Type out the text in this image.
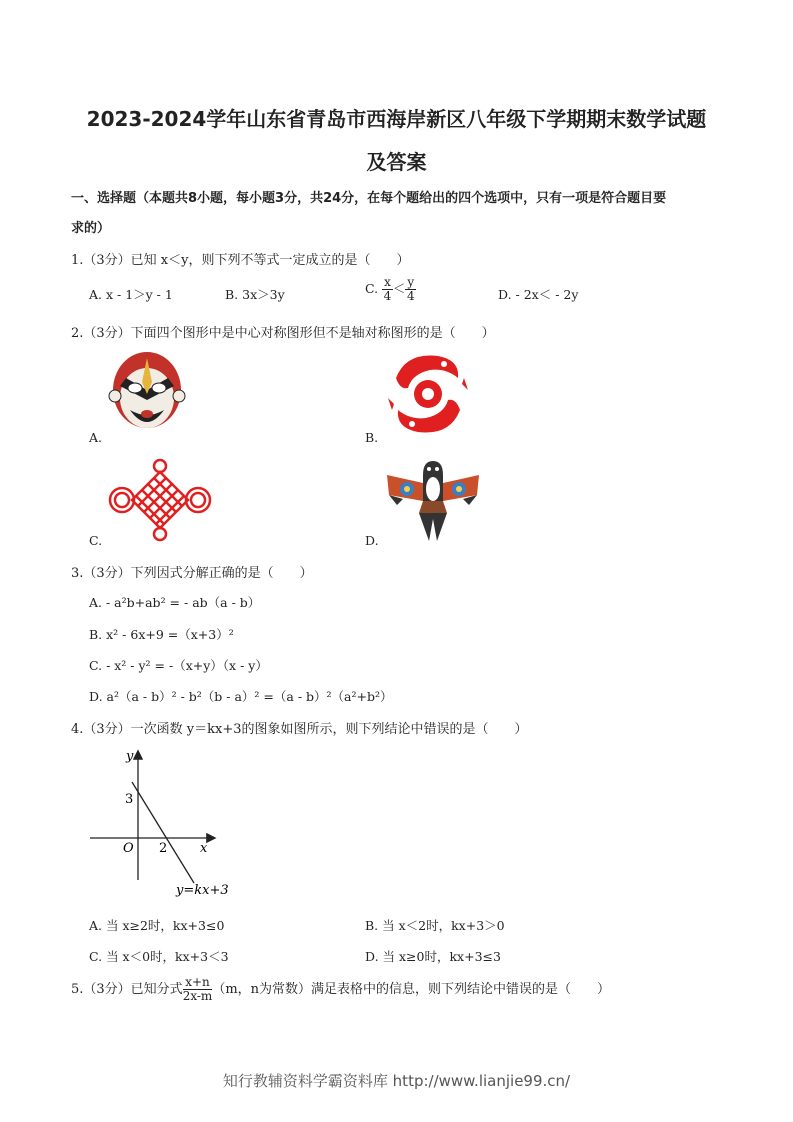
2023-2024学年山东省青岛市西海岸新区八年级下学期期末数学试题
及答案
一、选择题（本题共8小题，每小题3分，共24分，在每个题给出的四个选项中，只有一项是符合题目要
求的）
1.（3分）已知 x＜y，则下列不等式一定成立的是（　　）
A. x - 1＞y - 1	B. 3x＞3y	C. $\frac{x}{4} < \frac{y}{4}$	D. - 2x＜ - 2y
2.（3分）下面四个图形中是中心对称图形但不是轴对称图形的是（　　）
A.	B.
C.	D.
3.（3分）下列因式分解正确的是（　　）
A. - a²b+ab² = - ab（a - b）
B. x² - 6x+9 =（x+3）²
C. - x² - y² = -（x+y）（x - y）
D. a²（a - b）² - b²（b - a）² =（a - b）²（a²+b²）
4.（3分）一次函数 y＝kx+3的图象如图所示，则下列结论中错误的是（　　）
y
3
O 2	x
y=kx+3
A. 当 x≥2时，kx+3≤0	B. 当 x＜2时，kx+3＞0
C. 当 x＜0时，kx+3＜3	D. 当 x≥0时，kx+3≤3
5.（3分）已知分式 $\frac{x+n}{2x-m} (m$，n为常数）满足表格中的信息，则下列结论中错误的是（　　）
知行教辅资料学霸资料库 http://www.lianjie99.cn/
